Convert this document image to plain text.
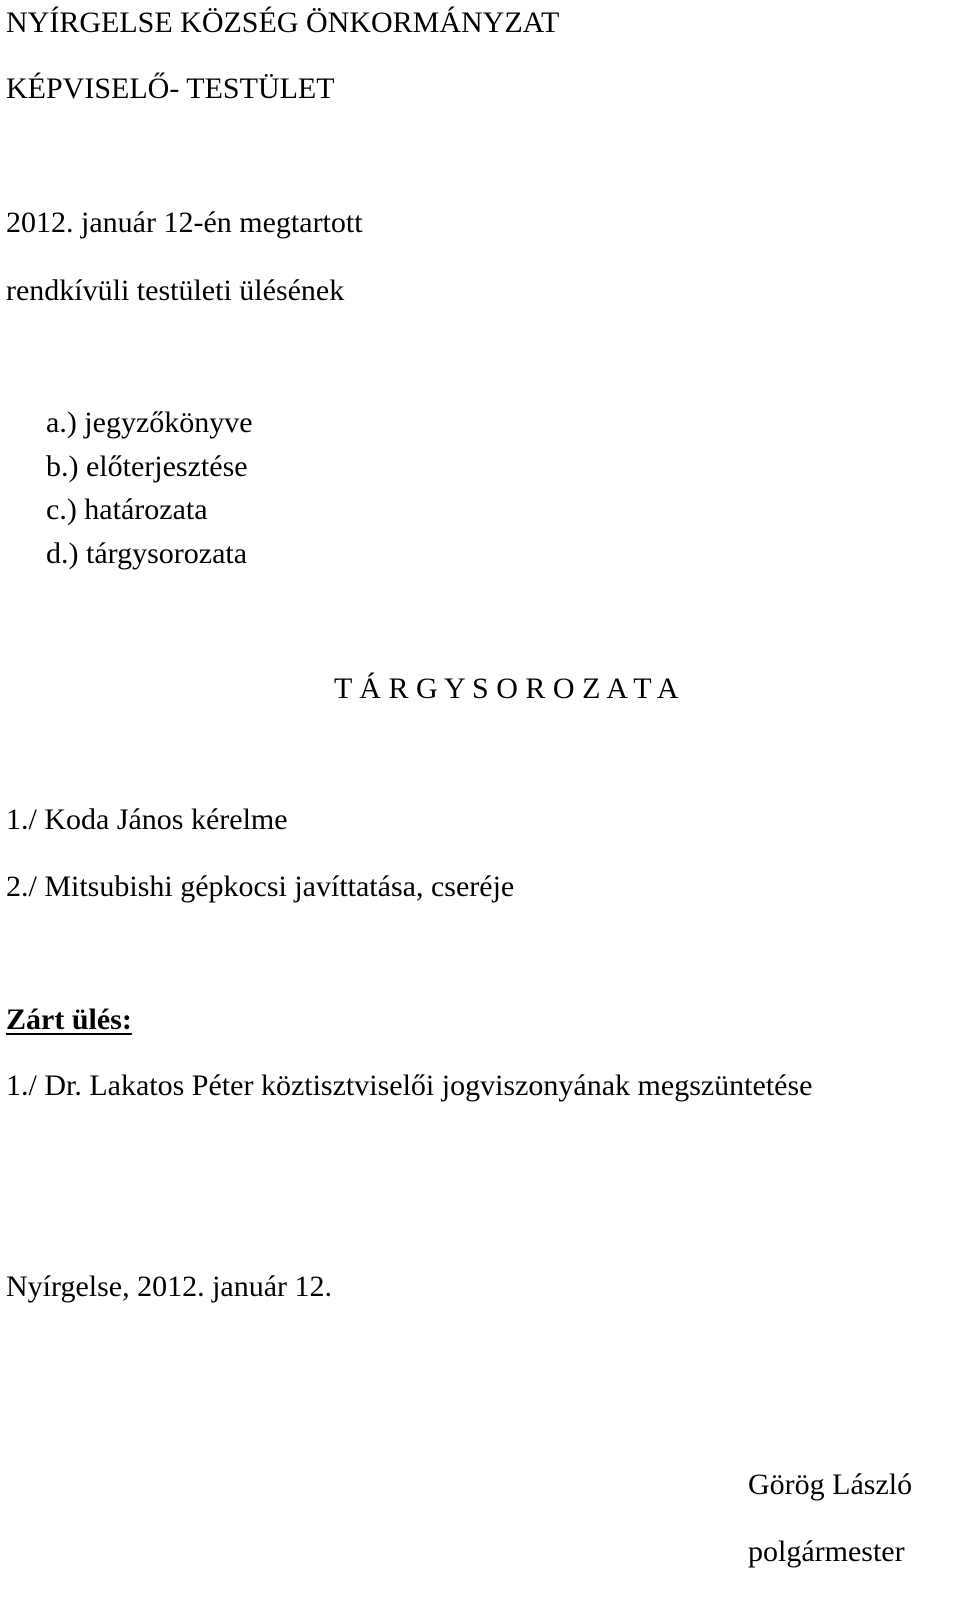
NYÍRGELSE KÖZSÉG ÖNKORMÁNYZAT

KÉPVISELŐ- TESTÜLET

2012. január 12-én megtartott

rendkívüli testületi ülésének

a.) jegyzőkönyve

b.) előterjesztése

c.) határozata

d.) tárgysorozata

T Á R G Y S O R O Z A T A

1./ Koda János kérelme

2./ Mitsubishi gépkocsi javíttatása, cseréje

Zárt ülés:

1./ Dr. Lakatos Péter köztisztviselői jogviszonyának megszüntetése

Nyírgelse, 2012. január 12.

Görög László

polgármester
